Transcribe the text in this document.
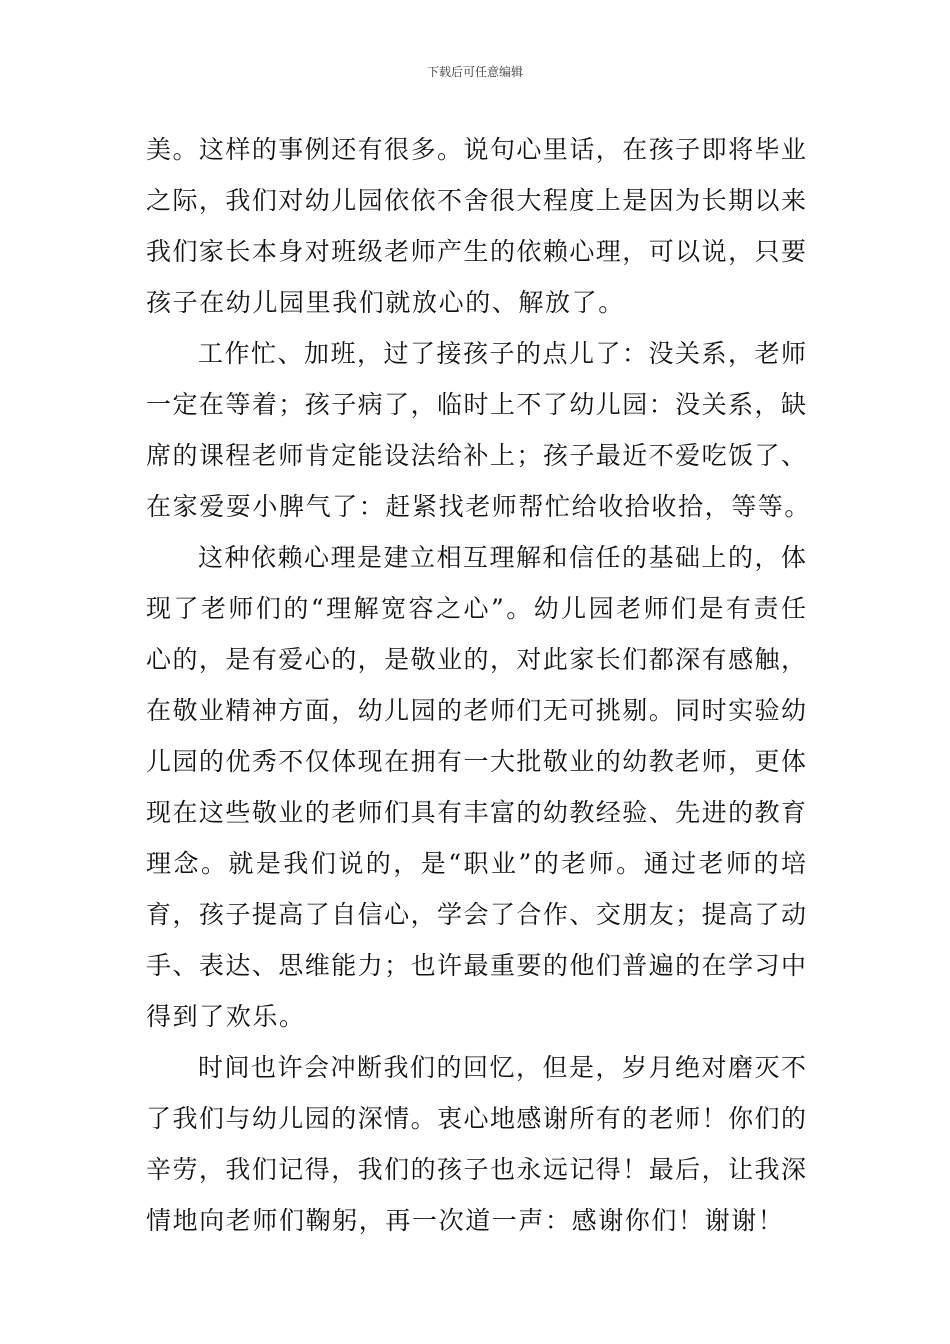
下载后可任意编辑
美。这样的事例还有很多。说句心里话，在孩子即将毕业
之际，我们对幼儿园依依不舍很大程度上是因为长期以来
我们家长本身对班级老师产生的依赖心理，可以说，只要
孩子在幼儿园里我们就放心的、解放了。
工作忙、加班，过了接孩子的点儿了：没关系，老师
一定在等着；孩子病了，临时上不了幼儿园：没关系，缺
席的课程老师肯定能设法给补上；孩子最近不爱吃饭了、
在家爱耍小脾气了：赶紧找老师帮忙给收拾收拾，等等。
这种依赖心理是建立相互理解和信任的基础上的，体
现了老师们的“理解宽容之心”。幼儿园老师们是有责任
心的，是有爱心的，是敬业的，对此家长们都深有感触，
在敬业精神方面，幼儿园的老师们无可挑剔。同时实验幼
儿园的优秀不仅体现在拥有一大批敬业的幼教老师，更体
现在这些敬业的老师们具有丰富的幼教经验、先进的教育
理念。就是我们说的，是“职业”的老师。通过老师的培
育，孩子提高了自信心，学会了合作、交朋友；提高了动
手、表达、思维能力；也许最重要的他们普遍的在学习中
得到了欢乐。
时间也许会冲断我们的回忆，但是，岁月绝对磨灭不
了我们与幼儿园的深情。衷心地感谢所有的老师！你们的
辛劳，我们记得，我们的孩子也永远记得！最后，让我深
情地向老师们鞠躬，再一次道一声：感谢你们！谢谢！
